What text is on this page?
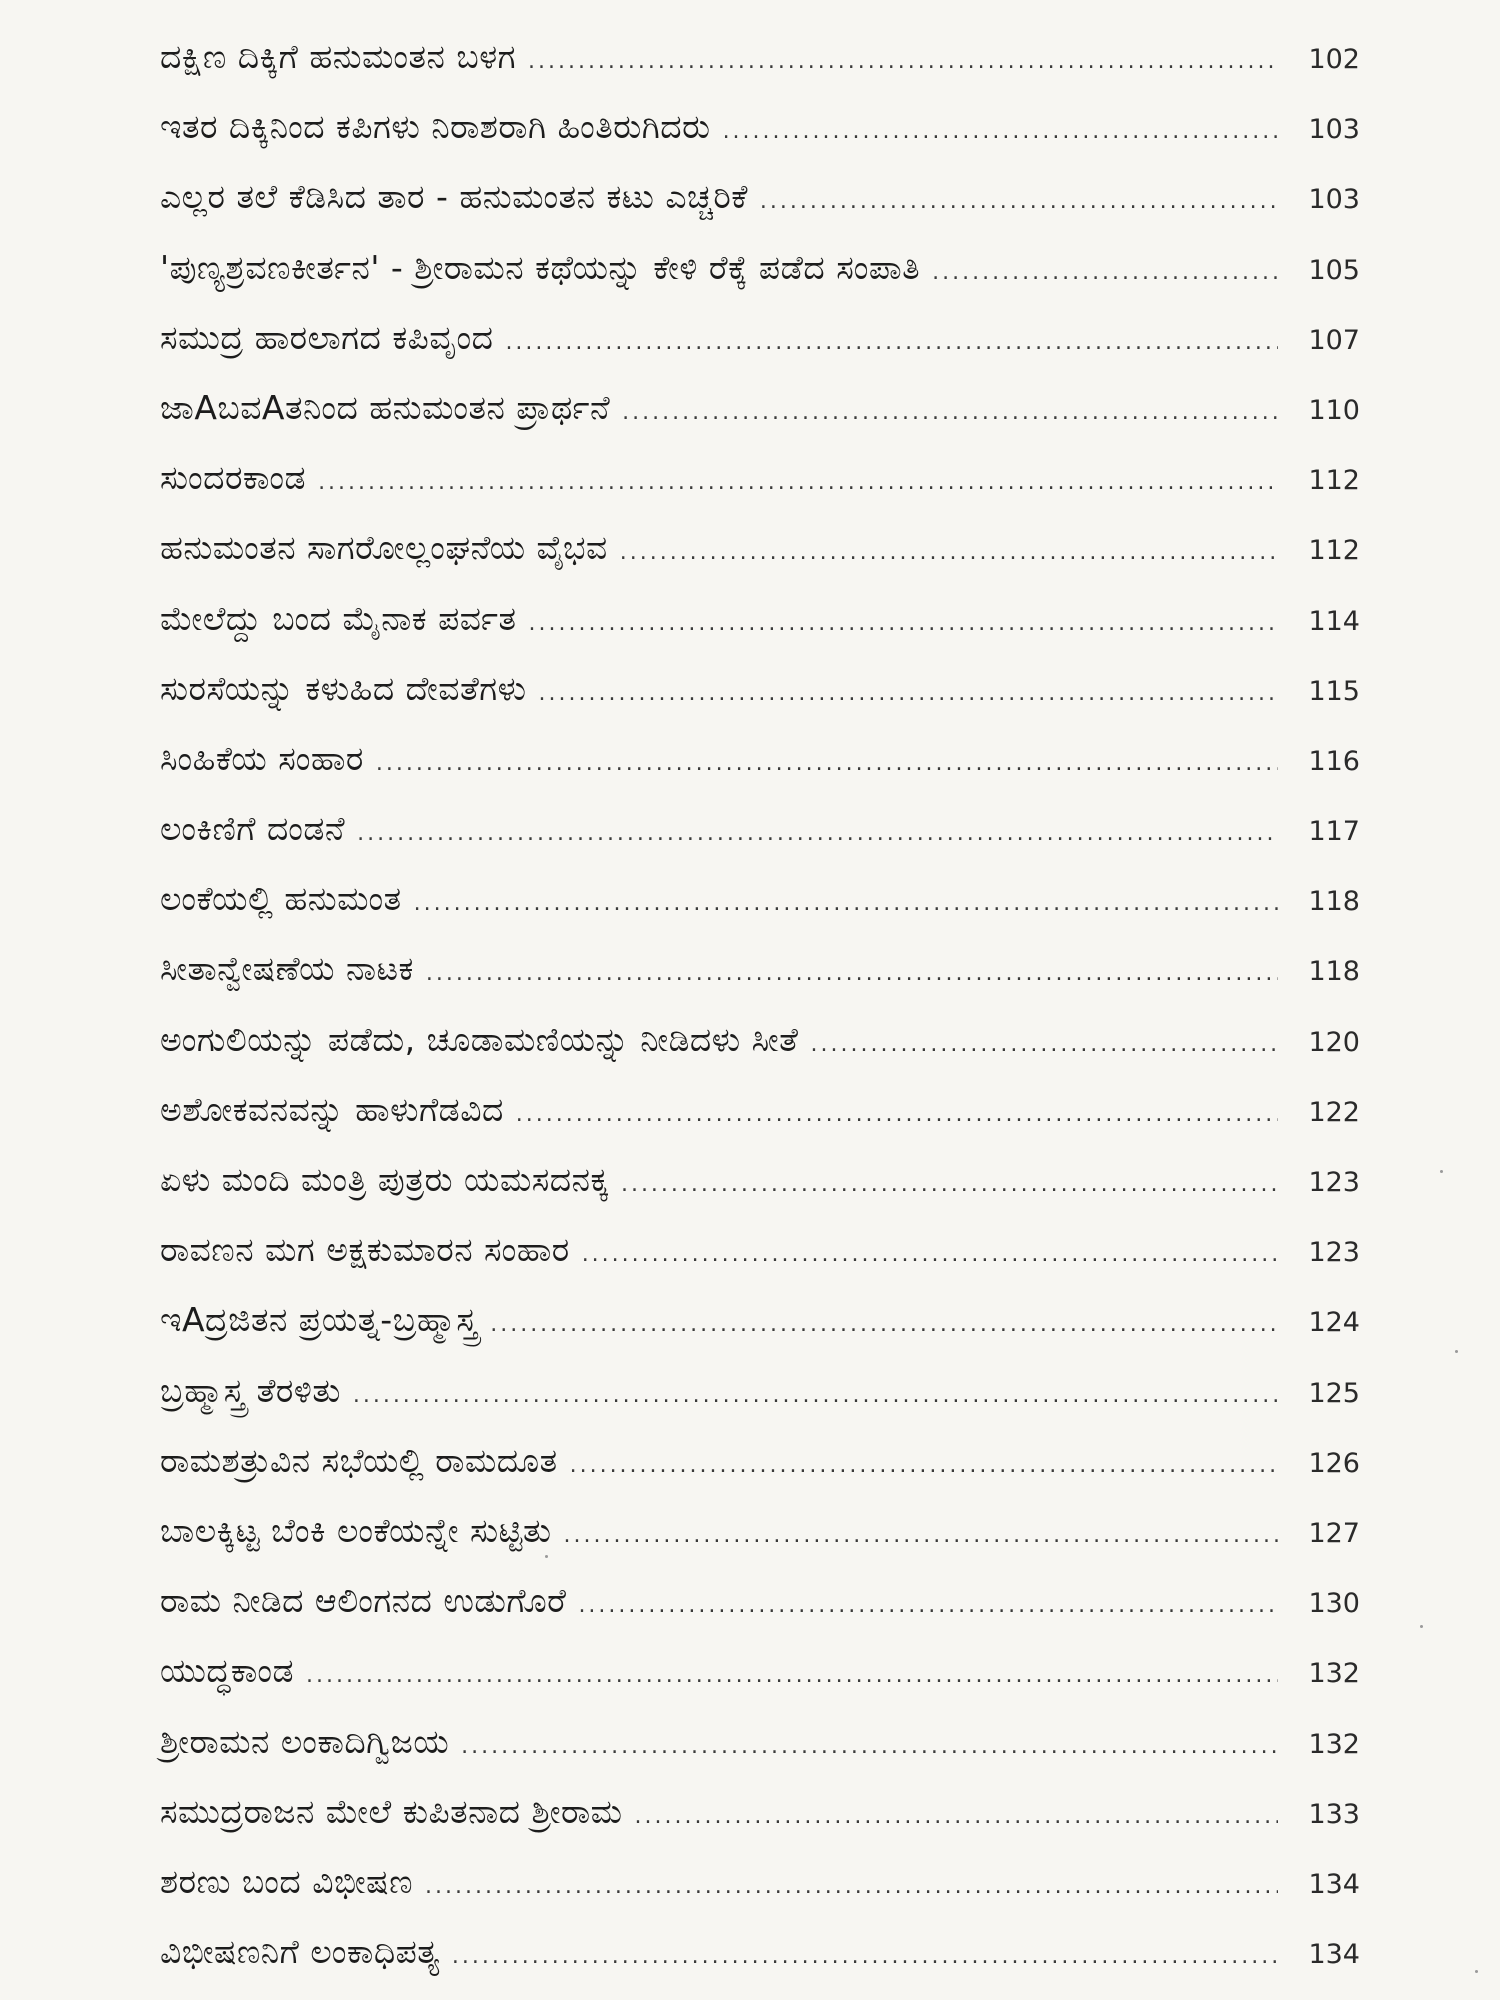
ದಕ್ಷಿಣ ದಿಕ್ಕಿಗೆ ಹನುಮಂತನ ಬಳಗ .....	102
ಇತರ ದಿಕ್ಕಿನಿಂದ ಕಪಿಗಳು ನಿರಾಶರಾಗಿ ಹಿಂತಿರುಗಿದರು .....	103
ಎಲ್ಲರ ತಲೆ ಕೆಡಿಸಿದ ತಾರ - ಹನುಮಂತನ ಕಟು ಎಚ್ಚರಿಕೆ .....	103
'ಪುಣ್ಯಶ್ರವಣಕೀರ್ತನ' - ಶ್ರೀರಾಮನ ಕಥೆಯನ್ನು ಕೇಳಿ ರೆಕ್ಕೆ ಪಡೆದ ಸಂಪಾತಿ .....	105
ಸಮುದ್ರ ಹಾರಲಾಗದ ಕಪಿವೃಂದ .....	107
ಜಾAಬವAತನಿಂದ ಹನುಮಂತನ ಪ್ರಾರ್ಥನೆ .....	110
ಸುಂದರಕಾಂಡ .....	112
ಹನುಮಂತನ ಸಾಗರೋಲ್ಲಂಘನೆಯ ವೈಭವ .....	112
ಮೇಲೆದ್ದು ಬಂದ ಮೈನಾಕ ಪರ್ವತ .....	114
ಸುರಸೆಯನ್ನು ಕಳುಹಿದ ದೇವತೆಗಳು .....	115
ಸಿಂಹಿಕೆಯ ಸಂಹಾರ .....	116
ಲಂಕಿಣಿಗೆ ದಂಡನೆ .....	117
ಲಂಕೆಯಲ್ಲಿ ಹನುಮಂತ .....	118
ಸೀತಾನ್ವೇಷಣೆಯ ನಾಟಕ .....	118
ಅಂಗುಲಿಯನ್ನು ಪಡೆದು, ಚೂಡಾಮಣಿಯನ್ನು ನೀಡಿದಳು ಸೀತೆ .....	120
ಅಶೋಕವನವನ್ನು ಹಾಳುಗೆಡವಿದ .....	122
ಏಳು ಮಂದಿ ಮಂತ್ರಿ ಪುತ್ರರು ಯಮಸದನಕ್ಕ .....	123
ರಾವಣನ ಮಗ ಅಕ್ಷಕುಮಾರನ ಸಂಹಾರ .....	123
ಇAದ್ರಜಿತನ ಪ್ರಯತ್ನ-ಬ್ರಹ್ಮಾಸ್ತ್ರ .....	124
ಬ್ರಹ್ಮಾಸ್ತ್ರ ತೆರಳಿತು .....	125
ರಾಮಶತ್ರುವಿನ ಸಭೆಯಲ್ಲಿ ರಾಮದೂತ .....	126
ಬಾಲಕ್ಕಿಟ್ಟ ಬೆಂಕಿ ಲಂಕೆಯನ್ನೇ ಸುಟ್ಟಿತು .....	127
ರಾಮ ನೀಡಿದ ಆಲಿಂಗನದ ಉಡುಗೊರೆ .....	130
ಯುದ್ಧಕಾಂಡ .....	132
ಶ್ರೀರಾಮನ ಲಂಕಾದಿಗ್ವಿಜಯ .....	132
ಸಮುದ್ರರಾಜನ ಮೇಲೆ ಕುಪಿತನಾದ ಶ್ರೀರಾಮ .....	133
ಶರಣು ಬಂದ ವಿಭೀಷಣ .....	134
ವಿಭೀಷಣನಿಗೆ ಲಂಕಾಧಿಪತ್ಯ .....	134
